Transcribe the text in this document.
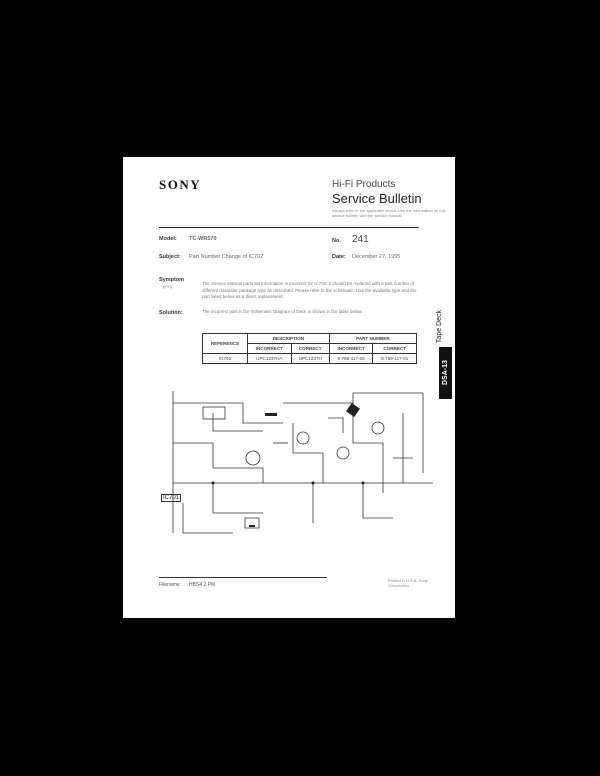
SONY	Hi-Fi Products
Service Bulletin
Always refer to the applicable circuit. Use the information on this service bulletin with the service manual.
Model: TC-WR570	No. 241
Subject: Part Number Change of IC702	Date: December 27, 1995
Symptom
(FYI)
The Service Manual parts list information is incorrect for IC702. It should be replaced with a part number of different transistor package type as described. Please refer to the schematic. Use the available type and the part listed below as a direct replacement.
Solution:	The incorrect part in the Schematic Diagram of Deck is shown in the table below.
REFERENCE	DESCRIPTION		PART NUMBER	
	INCORRECT	CORRECT	INCORRECT	CORRECT
IC702	UPC1237HA	UPC1237H	8-759-117-00	8-759-117-01
IC701
Filename: HBS4 2.PM
Printed in U.S.A. Sony Corporation
Tape Deck
DSA-13
